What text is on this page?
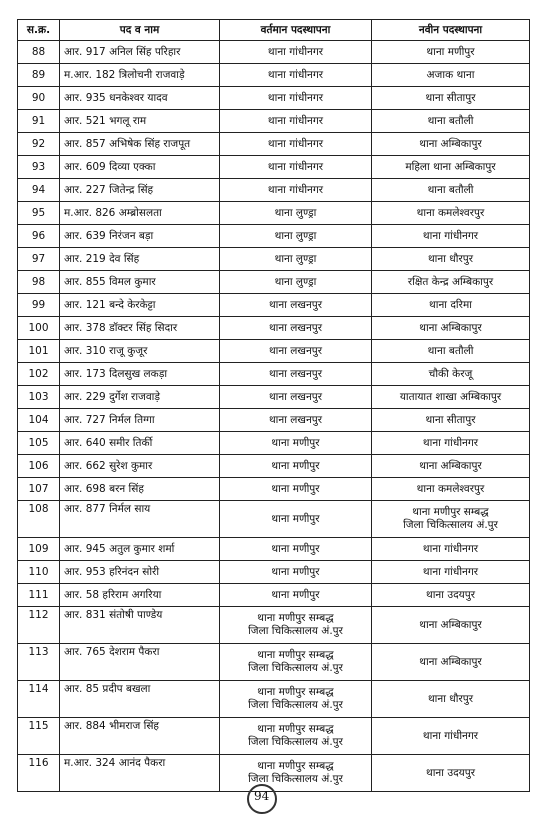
स.क्र.	पद व नाम	वर्तमान पदस्थापना	नवीन पदस्थापना
88	आर. 917 अनिल सिंह परिहार	थाना गांधीनगर	थाना मणीपुर
89	म.आर. 182 त्रिलोचनी राजवाड़े	थाना गांधीनगर	अजाक थाना
90	आर. 935 धनकेश्वर यादव	थाना गांधीनगर	थाना सीतापुर
91	आर. 521 भगलू राम	थाना गांधीनगर	थाना बतौली
92	आर. 857 अभिषेक सिंह राजपूत	थाना गांधीनगर	थाना अम्बिकापुर
93	आर. 609 दिव्या एक्का	थाना गांधीनगर	महिला थाना अम्बिकापुर
94	आर. 227 जितेन्द्र सिंह	थाना गांधीनगर	थाना बतौली
95	म.आर. 826 अम्ब्रोसलता	थाना लुण्ड्रा	थाना कमलेश्वरपुर
96	आर. 639 निरंजन बड़ा	थाना लुण्ड्रा	थाना गांधीनगर
97	आर. 219 देव सिंह	थाना लुण्ड्रा	थाना धौरपुर
98	आर. 855 विमल कुमार	थाना लुण्ड्रा	रक्षित केन्द्र अम्बिकापुर
99	आर. 121 बन्दे केरकेट्टा	थाना लखनपुर	थाना दरिमा
100	आर. 378 डॉक्टर सिंह सिदार	थाना लखनपुर	थाना अम्बिकापुर
101	आर. 310 राजू कुजूर	थाना लखनपुर	थाना बतौली
102	आर. 173 दिलसुख लकड़ा	थाना लखनपुर	चौकी केरजू
103	आर. 229 दुर्गेश राजवाड़े	थाना लखनपुर	यातायात शाखा अम्बिकापुर
104	आर. 727 निर्मल तिग्गा	थाना लखनपुर	थाना सीतापुर
105	आर. 640 समीर तिर्की	थाना मणीपुर	थाना गांधीनगर
106	आर. 662 सुरेश कुमार	थाना मणीपुर	थाना अम्बिकापुर
107	आर. 698 बरन सिंह	थाना मणीपुर	थाना कमलेश्वरपुर
108	आर. 877 निर्मल साय	थाना मणीपुर	थाना मणीपुर सम्बद्ध
जिला चिकित्सालय अं.पुर
109	आर. 945 अतुल कुमार शर्मा	थाना मणीपुर	थाना गांधीनगर
110	आर. 953 हरिनंदन सोरी	थाना मणीपुर	थाना गांधीनगर
111	आर. 58 हरिराम अगरिया	थाना मणीपुर	थाना उदयपुर
112	आर. 831 संतोषी पाण्डेय	थाना मणीपुर सम्बद्ध
जिला चिकित्सालय अं.पुर	थाना अम्बिकापुर
113	आर. 765 देशराम पैकरा	थाना मणीपुर सम्बद्ध
जिला चिकित्सालय अं.पुर	थाना अम्बिकापुर
114	आर. 85 प्रदीप बखला	थाना मणीपुर सम्बद्ध
जिला चिकित्सालय अं.पुर	थाना धौरपुर
115	आर. 884 भीमराज सिंह	थाना मणीपुर सम्बद्ध
जिला चिकित्सालय अं.पुर	थाना गांधीनगर
116	म.आर. 324 आनंद पैकरा	थाना मणीपुर सम्बद्ध
जिला चिकित्सालय अं.पुर	थाना उदयपुर
94
